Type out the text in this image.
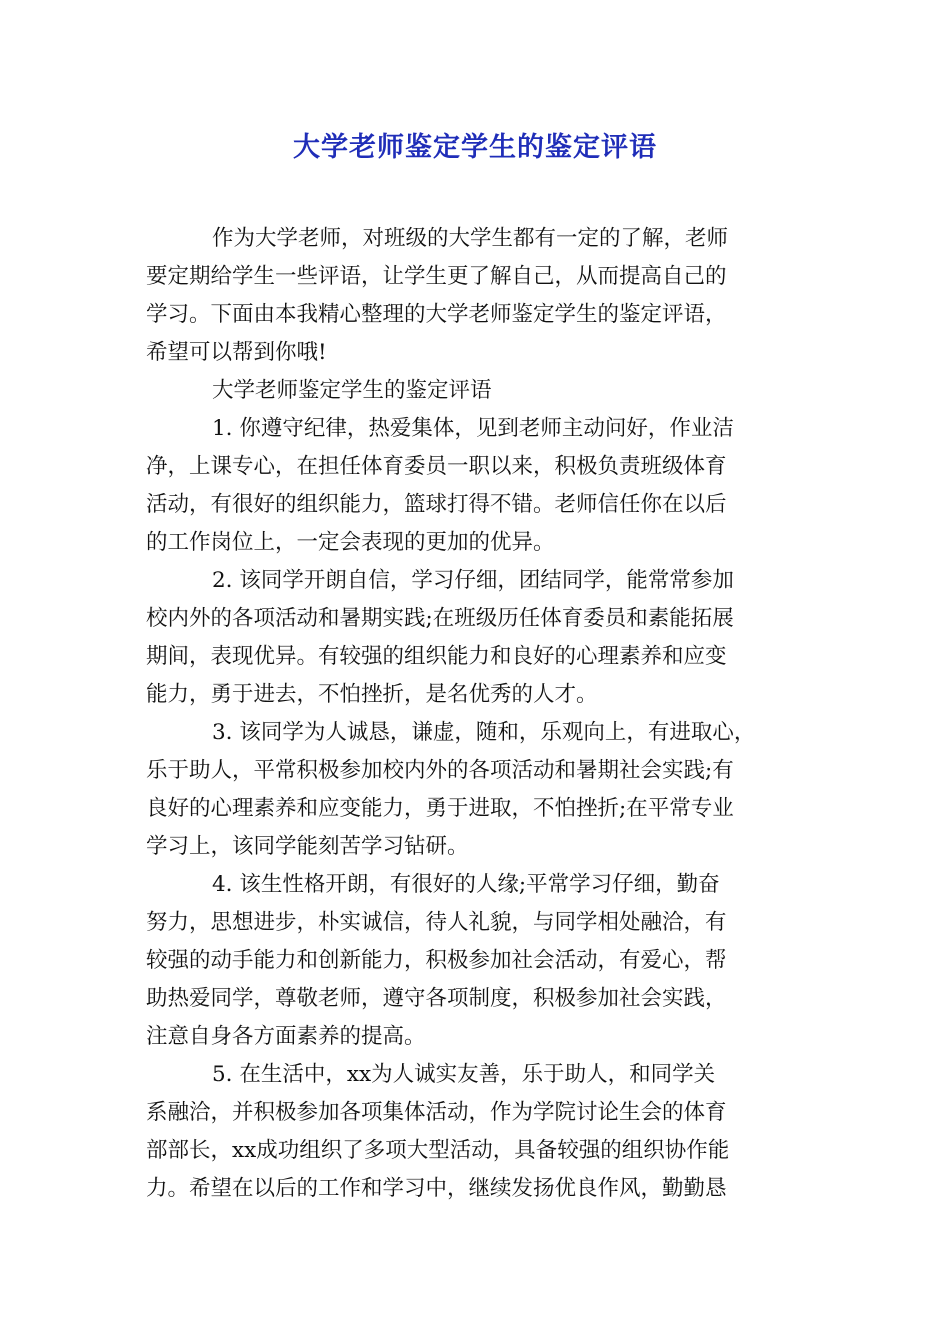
大学老师鉴定学生的鉴定评语
作为大学老师，对班级的大学生都有一定的了解，老师
要定期给学生一些评语，让学生更了解自己，从而提高自己的
学习。下面由本我精心整理的大学老师鉴定学生的鉴定评语，
希望可以帮到你哦!
大学老师鉴定学生的鉴定评语
1. 你遵守纪律，热爱集体，见到老师主动问好，作业洁
净，上课专心，在担任体育委员一职以来，积极负责班级体育
活动，有很好的组织能力，篮球打得不错。老师信任你在以后
的工作岗位上，一定会表现的更加的优异。
2. 该同学开朗自信，学习仔细，团结同学，能常常参加
校内外的各项活动和暑期实践;在班级历任体育委员和素能拓展
期间，表现优异。有较强的组织能力和良好的心理素养和应变
能力，勇于进去，不怕挫折，是名优秀的人才。
3. 该同学为人诚恳，谦虚，随和，乐观向上，有进取心，
乐于助人，平常积极参加校内外的各项活动和暑期社会实践;有
良好的心理素养和应变能力，勇于进取，不怕挫折;在平常专业
学习上，该同学能刻苦学习钻研。
4. 该生性格开朗，有很好的人缘;平常学习仔细，勤奋
努力，思想进步，朴实诚信，待人礼貌，与同学相处融洽，有
较强的动手能力和创新能力，积极参加社会活动，有爱心，帮
助热爱同学，尊敬老师，遵守各项制度，积极参加社会实践，
注意自身各方面素养的提高。
5. 在生活中，xx为人诚实友善，乐于助人，和同学关
系融洽，并积极参加各项集体活动，作为学院讨论生会的体育
部部长，xx成功组织了多项大型活动，具备较强的组织协作能
力。希望在以后的工作和学习中，继续发扬优良作风，勤勤恳
